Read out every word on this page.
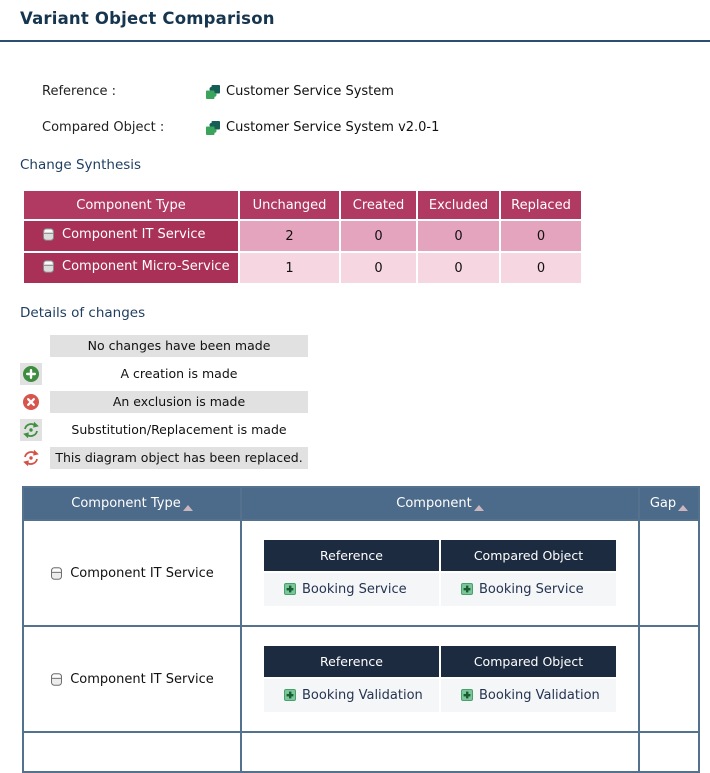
Variant Object Comparison
Reference :	Customer Service System
Compared Object :	Customer Service System v2.0-1
Change Synthesis
Component Type	Unchanged	Created	Excluded	Replaced

Component IT Service	2	0	0	0

Component Micro-Service	1	0	0	0
Details of changes
No changes have been made
A creation is made
An exclusion is made
Substitution/Replacement is made
This diagram object has been replaced.
Component Type	Component	Gap

Component IT Service

Reference	Compared Object

Booking Service	Booking Service

Component IT Service

Reference	Compared Object

Booking Validation	Booking Validation
